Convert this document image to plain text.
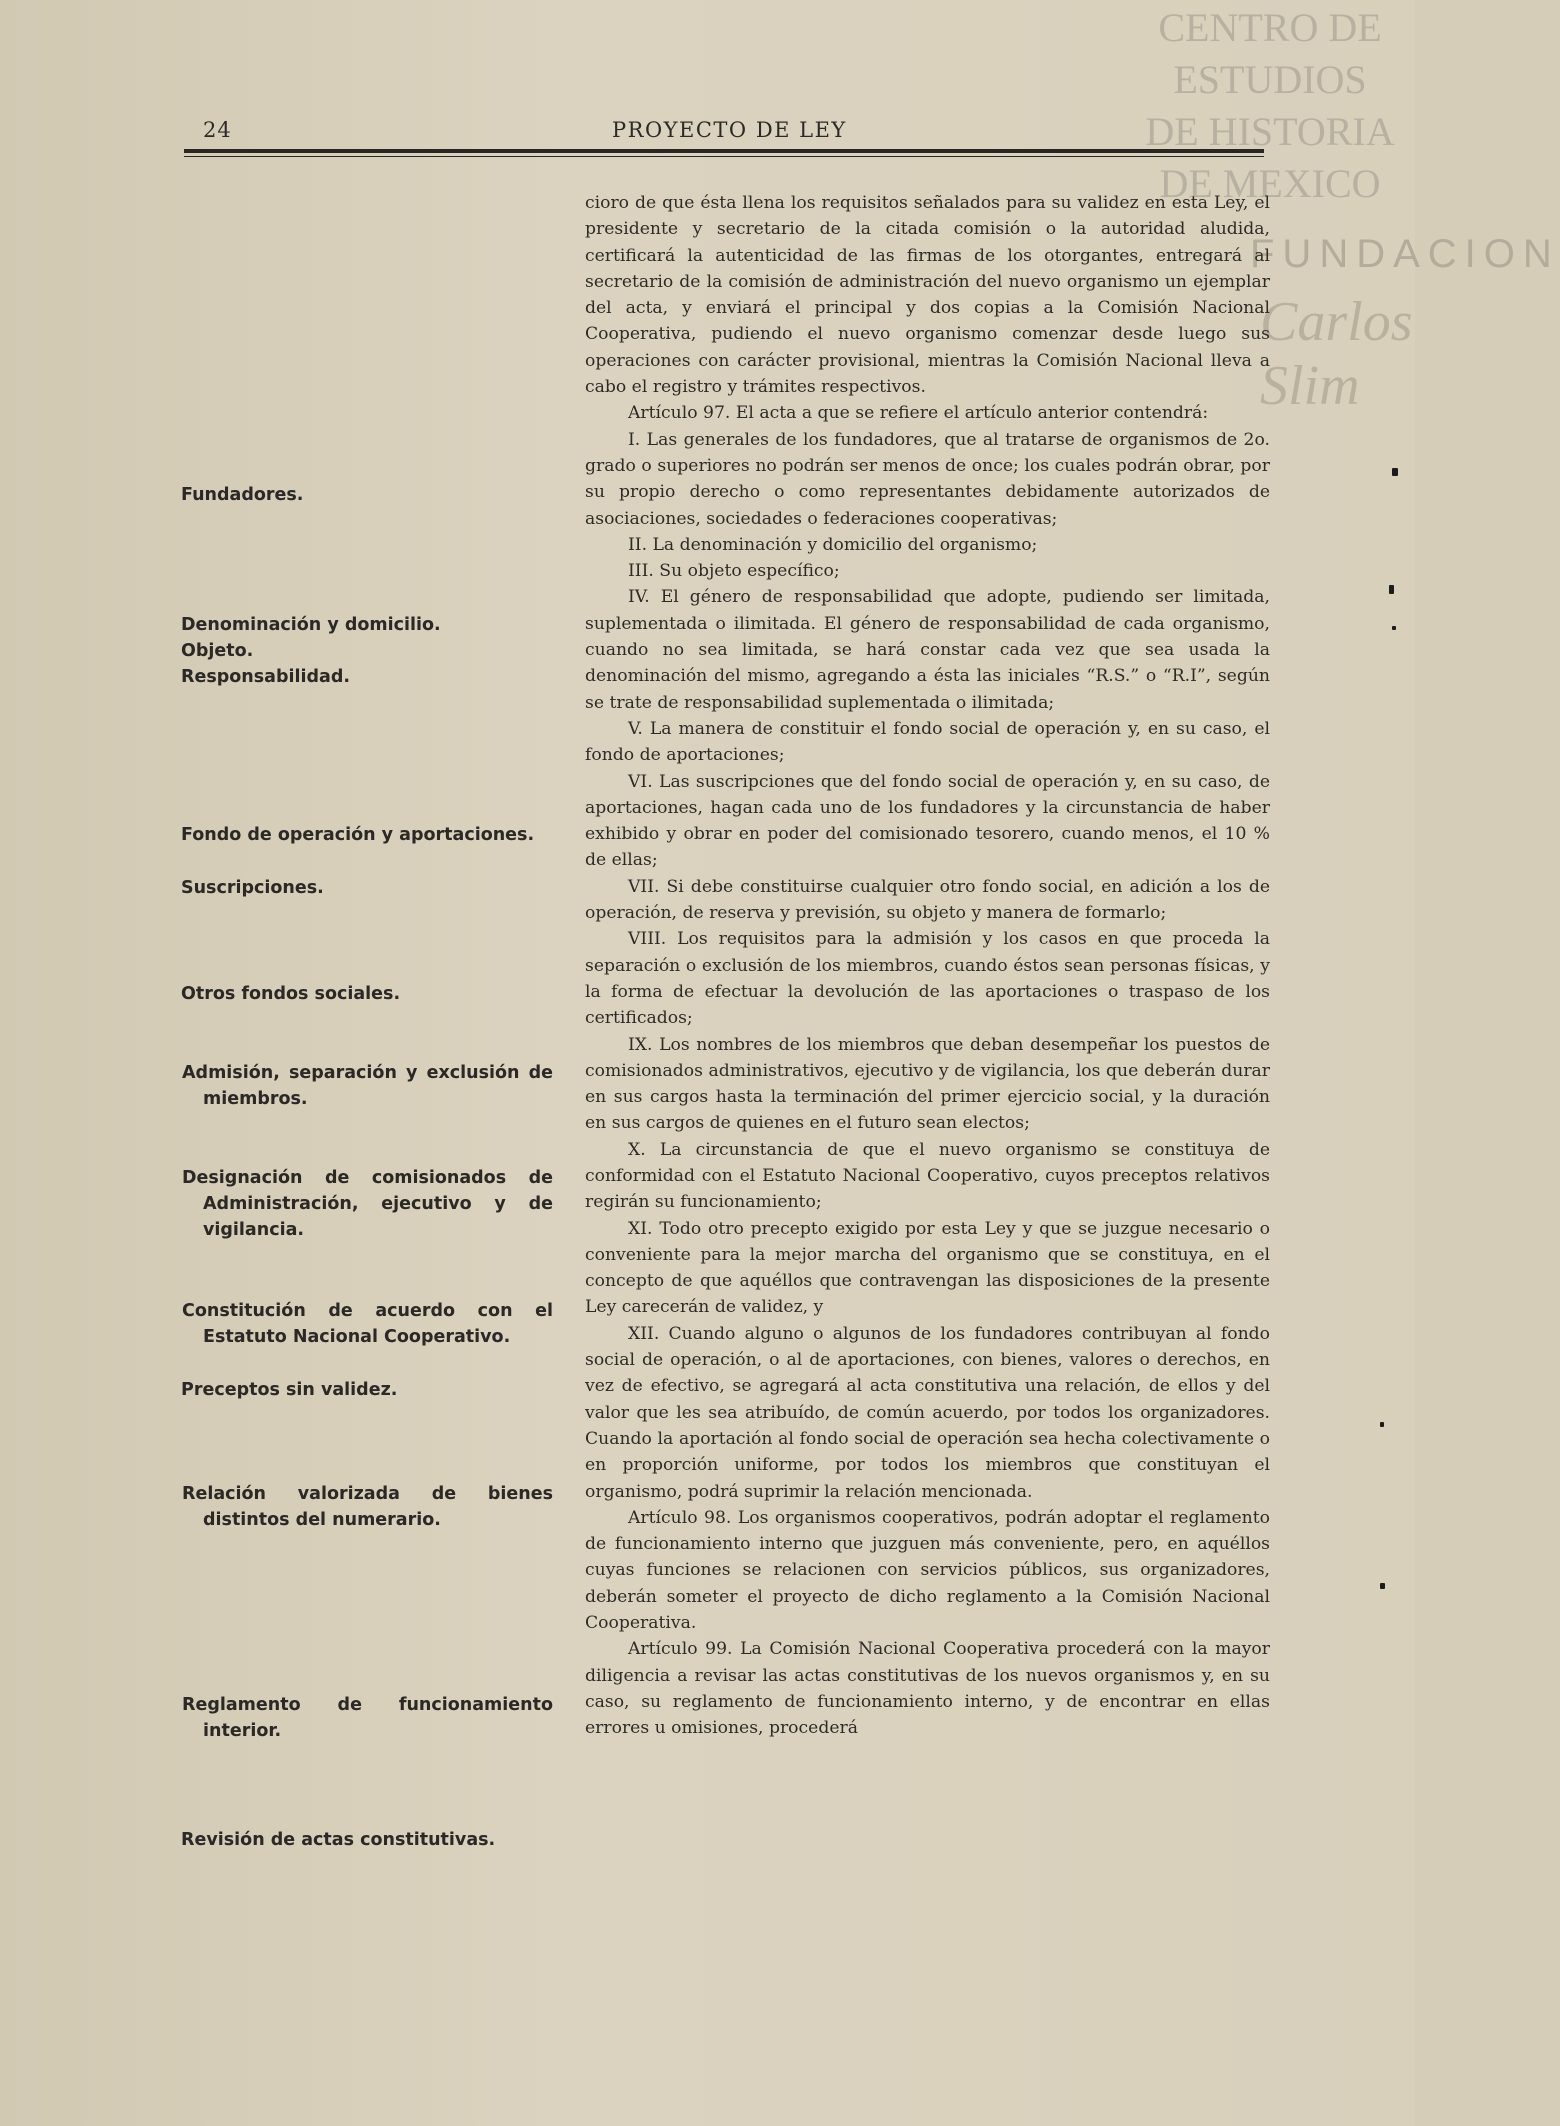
24	PROYECTO DE LEY
CENTRO DE
ESTUDIOS
DE HISTORIA
DE MEXICO
FUNDACION
Carlos Slim
Fundadores.
Denominación y domicilio.
Objeto.
Responsabilidad.
Fondo de operación y aportaciones.
Suscripciones.
Otros fondos sociales.
Admisión, separación y exclusión de miembros.
Designación de comisionados de Administración, ejecutivo y de vigilancia.
Constitución de acuerdo con el Estatuto Nacional Cooperativo.
Preceptos sin validez.
Relación valorizada de bienes distintos del numerario.
Reglamento de funcionamiento interior.
Revisión de actas constitutivas.

cioro de que ésta llena los requisitos señalados para su validez en esta Ley, el presidente y secretario de la citada comisión o la autoridad aludida, certificará la autenticidad de las firmas de los otorgantes, entregará al secretario de la comisión de administración del nuevo organismo un ejemplar del acta, y enviará el principal y dos copias a la Comisión Nacional Cooperativa, pudiendo el nuevo organismo comenzar desde luego sus operaciones con carácter provisional, mientras la Comisión Nacional lleva a cabo el registro y trámites respectivos.

Artículo 97. El acta a que se refiere el artículo anterior contendrá:

I. Las generales de los fundadores, que al tratarse de organismos de 2o. grado o superiores no podrán ser menos de once; los cuales podrán obrar, por su propio derecho o como representantes debidamente autorizados de asociaciones, sociedades o federaciones cooperativas;

II. La denominación y domicilio del organismo;

III. Su objeto específico;

IV. El género de responsabilidad que adopte, pudiendo ser limitada, suplementada o ilimitada. El género de responsabilidad de cada organismo, cuando no sea limitada, se hará constar cada vez que sea usada la denominación del mismo, agregando a ésta las iniciales “R.S.” o “R.I”, según se trate de responsabilidad suplementada o ilimitada;

V. La manera de constituir el fondo social de operación y, en su caso, el fondo de aportaciones;

VI. Las suscripciones que del fondo social de operación y, en su caso, de aportaciones, hagan cada uno de los fundadores y la circunstancia de haber exhibido y obrar en poder del comisionado tesorero, cuando menos, el 10 % de ellas;

VII. Si debe constituirse cualquier otro fondo social, en adición a los de operación, de reserva y previsión, su objeto y manera de formarlo;

VIII. Los requisitos para la admisión y los casos en que proceda la separación o exclusión de los miembros, cuando éstos sean personas físicas, y la forma de efectuar la devolución de las aportaciones o traspaso de los certificados;

IX. Los nombres de los miembros que deban desempeñar los puestos de comisionados administrativos, ejecutivo y de vigilancia, los que deberán durar en sus cargos hasta la terminación del primer ejercicio social, y la duración en sus cargos de quienes en el futuro sean electos;

X. La circunstancia de que el nuevo organismo se constituya de conformidad con el Estatuto Nacional Cooperativo, cuyos preceptos relativos regirán su funcionamiento;

XI. Todo otro precepto exigido por esta Ley y que se juzgue necesario o conveniente para la mejor marcha del organismo que se constituya, en el concepto de que aquéllos que contravengan las disposiciones de la presente Ley carecerán de validez, y

XII. Cuando alguno o algunos de los fundadores contribuyan al fondo social de operación, o al de aportaciones, con bienes, valores o derechos, en vez de efectivo, se agregará al acta constitutiva una relación, de ellos y del valor que les sea atribuído, de común acuerdo, por todos los organizadores. Cuando la aportación al fondo social de operación sea hecha colectivamente o en proporción uniforme, por todos los miembros que constituyan el organismo, podrá suprimir la relación mencionada.

Artículo 98. Los organismos cooperativos, podrán adoptar el reglamento de funcionamiento interno que juzguen más conveniente, pero, en aquéllos cuyas funciones se relacionen con servicios públicos, sus organizadores, deberán someter el proyecto de dicho reglamento a la Comisión Nacional Cooperativa.

Artículo 99. La Comisión Nacional Cooperativa procederá con la mayor diligencia a revisar las actas constitutivas de los nuevos organismos y, en su caso, su reglamento de funcionamiento interno, y de encontrar en ellas errores u omisiones, procederá
